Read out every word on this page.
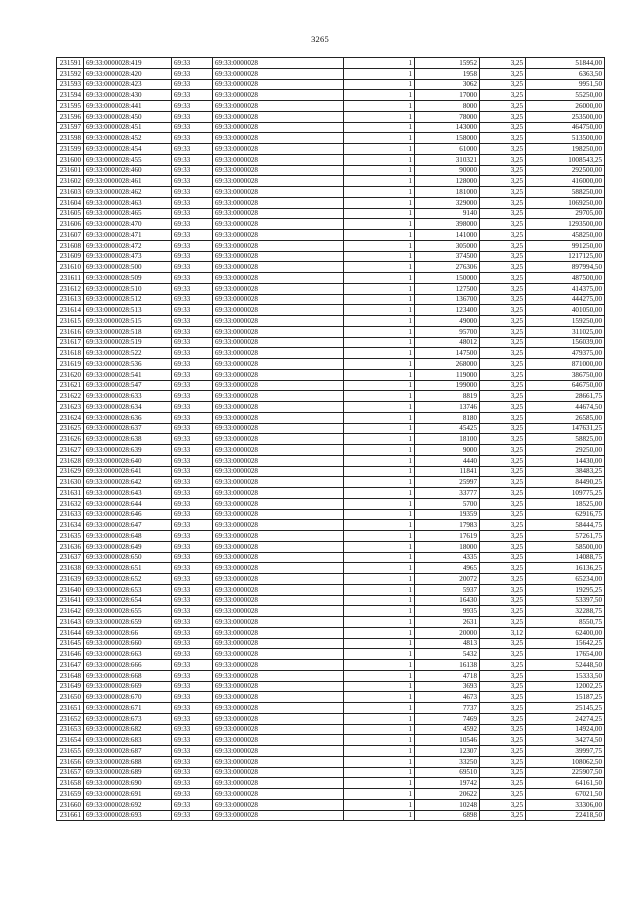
3265
231591	69:33:0000028:419	69:33	69:33:0000028	1	15952	3,25	51844,00
231592	69:33:0000028:420	69:33	69:33:0000028	1	1958	3,25	6363,50
231593	69:33:0000028:423	69:33	69:33:0000028	1	3062	3,25	9951,50
231594	69:33:0000028:430	69:33	69:33:0000028	1	17000	3,25	55250,00
231595	69:33:0000028:441	69:33	69:33:0000028	1	8000	3,25	26000,00
231596	69:33:0000028:450	69:33	69:33:0000028	1	78000	3,25	253500,00
231597	69:33:0000028:451	69:33	69:33:0000028	1	143000	3,25	464750,00
231598	69:33:0000028:452	69:33	69:33:0000028	1	158000	3,25	513500,00
231599	69:33:0000028:454	69:33	69:33:0000028	1	61000	3,25	198250,00
231600	69:33:0000028:455	69:33	69:33:0000028	1	310321	3,25	1008543,25
231601	69:33:0000028:460	69:33	69:33:0000028	1	90000	3,25	292500,00
231602	69:33:0000028:461	69:33	69:33:0000028	1	128000	3,25	416000,00
231603	69:33:0000028:462	69:33	69:33:0000028	1	181000	3,25	588250,00
231604	69:33:0000028:463	69:33	69:33:0000028	1	329000	3,25	1069250,00
231605	69:33:0000028:465	69:33	69:33:0000028	1	9140	3,25	29705,00
231606	69:33:0000028:470	69:33	69:33:0000028	1	398000	3,25	1293500,00
231607	69:33:0000028:471	69:33	69:33:0000028	1	141000	3,25	458250,00
231608	69:33:0000028:472	69:33	69:33:0000028	1	305000	3,25	991250,00
231609	69:33:0000028:473	69:33	69:33:0000028	1	374500	3,25	1217125,00
231610	69:33:0000028:500	69:33	69:33:0000028	1	276306	3,25	897994,50
231611	69:33:0000028:509	69:33	69:33:0000028	1	150000	3,25	487500,00
231612	69:33:0000028:510	69:33	69:33:0000028	1	127500	3,25	414375,00
231613	69:33:0000028:512	69:33	69:33:0000028	1	136700	3,25	444275,00
231614	69:33:0000028:513	69:33	69:33:0000028	1	123400	3,25	401050,00
231615	69:33:0000028:515	69:33	69:33:0000028	1	49000	3,25	159250,00
231616	69:33:0000028:518	69:33	69:33:0000028	1	95700	3,25	311025,00
231617	69:33:0000028:519	69:33	69:33:0000028	1	48012	3,25	156039,00
231618	69:33:0000028:522	69:33	69:33:0000028	1	147500	3,25	479375,00
231619	69:33:0000028:536	69:33	69:33:0000028	1	268000	3,25	871000,00
231620	69:33:0000028:541	69:33	69:33:0000028	1	119000	3,25	386750,00
231621	69:33:0000028:547	69:33	69:33:0000028	1	199000	3,25	646750,00
231622	69:33:0000028:633	69:33	69:33:0000028	1	8819	3,25	28661,75
231623	69:33:0000028:634	69:33	69:33:0000028	1	13746	3,25	44674,50
231624	69:33:0000028:636	69:33	69:33:0000028	1	8180	3,25	26585,00
231625	69:33:0000028:637	69:33	69:33:0000028	1	45425	3,25	147631,25
231626	69:33:0000028:638	69:33	69:33:0000028	1	18100	3,25	58825,00
231627	69:33:0000028:639	69:33	69:33:0000028	1	9000	3,25	29250,00
231628	69:33:0000028:640	69:33	69:33:0000028	1	4440	3,25	14430,00
231629	69:33:0000028:641	69:33	69:33:0000028	1	11841	3,25	38483,25
231630	69:33:0000028:642	69:33	69:33:0000028	1	25997	3,25	84490,25
231631	69:33:0000028:643	69:33	69:33:0000028	1	33777	3,25	109775,25
231632	69:33:0000028:644	69:33	69:33:0000028	1	5700	3,25	18525,00
231633	69:33:0000028:646	69:33	69:33:0000028	1	19359	3,25	62916,75
231634	69:33:0000028:647	69:33	69:33:0000028	1	17983	3,25	58444,75
231635	69:33:0000028:648	69:33	69:33:0000028	1	17619	3,25	57261,75
231636	69:33:0000028:649	69:33	69:33:0000028	1	18000	3,25	58500,00
231637	69:33:0000028:650	69:33	69:33:0000028	1	4335	3,25	14088,75
231638	69:33:0000028:651	69:33	69:33:0000028	1	4965	3,25	16136,25
231639	69:33:0000028:652	69:33	69:33:0000028	1	20072	3,25	65234,00
231640	69:33:0000028:653	69:33	69:33:0000028	1	5937	3,25	19295,25
231641	69:33:0000028:654	69:33	69:33:0000028	1	16430	3,25	53397,50
231642	69:33:0000028:655	69:33	69:33:0000028	1	9935	3,25	32288,75
231643	69:33:0000028:659	69:33	69:33:0000028	1	2631	3,25	8550,75
231644	69:33:0000028:66	69:33	69:33:0000028	1	20000	3,12	62400,00
231645	69:33:0000028:660	69:33	69:33:0000028	1	4813	3,25	15642,25
231646	69:33:0000028:663	69:33	69:33:0000028	1	5432	3,25	17654,00
231647	69:33:0000028:666	69:33	69:33:0000028	1	16138	3,25	52448,50
231648	69:33:0000028:668	69:33	69:33:0000028	1	4718	3,25	15333,50
231649	69:33:0000028:669	69:33	69:33:0000028	1	3693	3,25	12002,25
231650	69:33:0000028:670	69:33	69:33:0000028	1	4673	3,25	15187,25
231651	69:33:0000028:671	69:33	69:33:0000028	1	7737	3,25	25145,25
231652	69:33:0000028:673	69:33	69:33:0000028	1	7469	3,25	24274,25
231653	69:33:0000028:682	69:33	69:33:0000028	1	4592	3,25	14924,00
231654	69:33:0000028:683	69:33	69:33:0000028	1	10546	3,25	34274,50
231655	69:33:0000028:687	69:33	69:33:0000028	1	12307	3,25	39997,75
231656	69:33:0000028:688	69:33	69:33:0000028	1	33250	3,25	108062,50
231657	69:33:0000028:689	69:33	69:33:0000028	1	69510	3,25	225907,50
231658	69:33:0000028:690	69:33	69:33:0000028	1	19742	3,25	64161,50
231659	69:33:0000028:691	69:33	69:33:0000028	1	20622	3,25	67021,50
231660	69:33:0000028:692	69:33	69:33:0000028	1	10248	3,25	33306,00
231661	69:33:0000028:693	69:33	69:33:0000028	1	6898	3,25	22418,50
